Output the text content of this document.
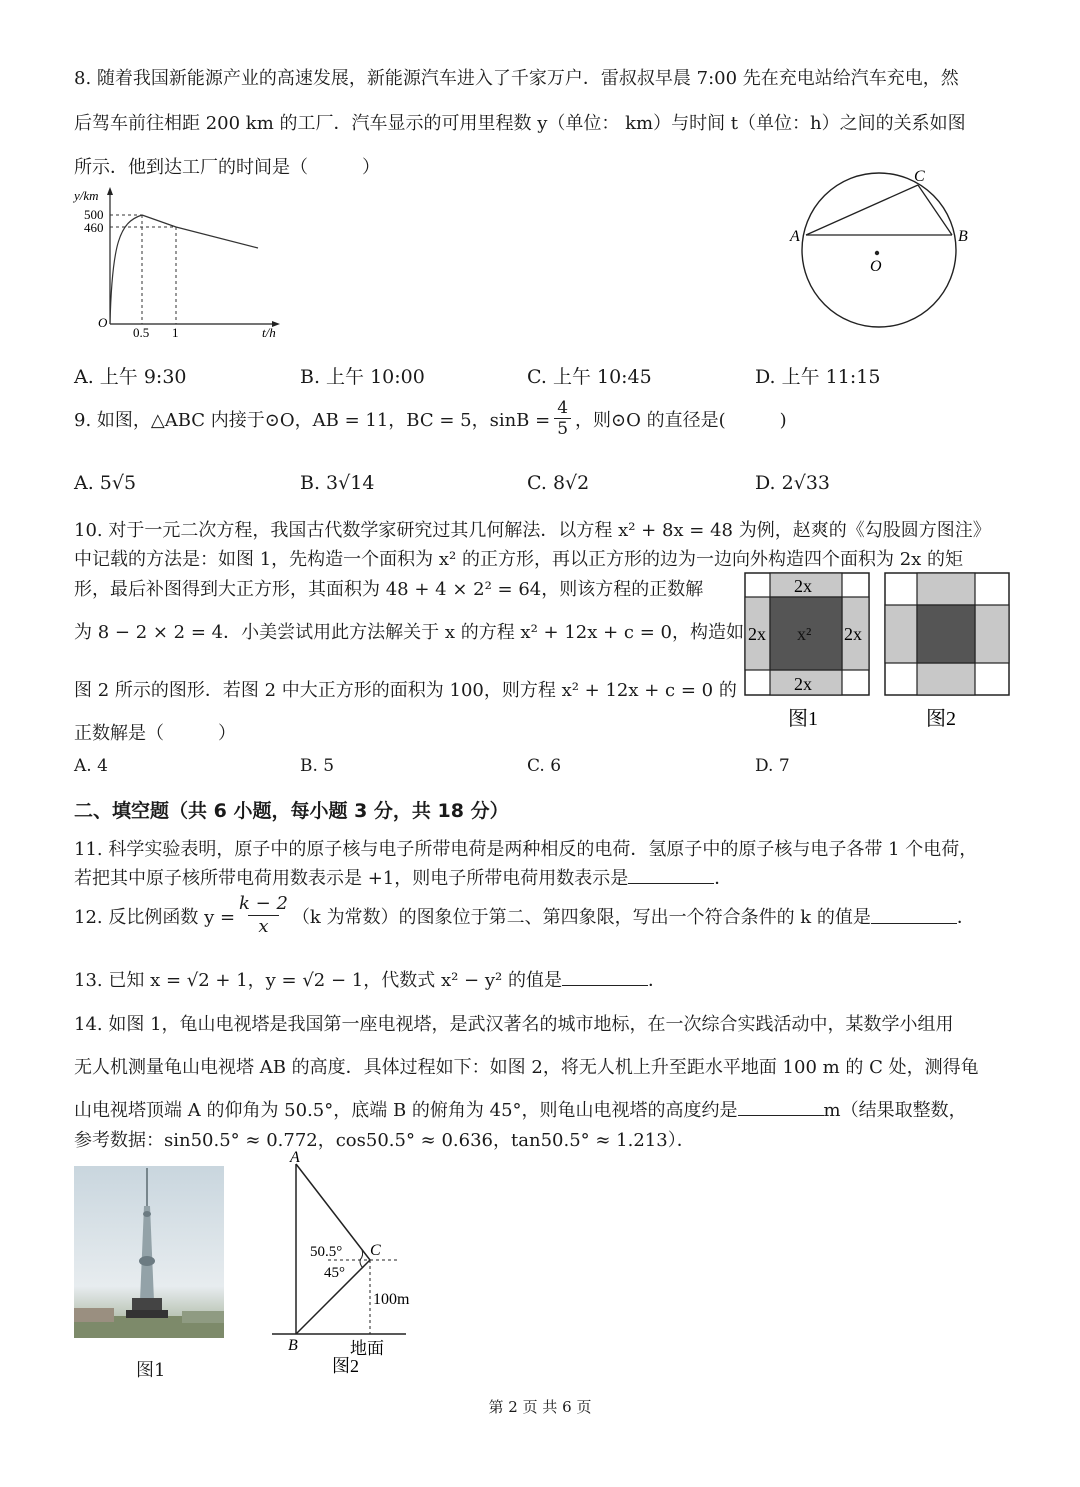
8. 随着我国新能源产业的高速发展，新能源汽车进入了千家万户．雷叔叔早晨 7:00 先在充电站给汽车充电，然
后驾车前往相距 200 km 的工厂．汽车显示的可用里程数 y（单位： km）与时间 t（单位：h）之间的关系如图
所示．他到达工厂的时间是（　　　）
y/km
500
460
O
0.5 1	t/h
A	B
C
O
A. 上午 9:30	B. 上午 10:00	C. 上午 10:45	D. 上午 11:15
9. 如图，△ABC 内接于⊙O，AB = 11，BC = 5，$\sin B = \frac{4}{5}$ ，则⊙O 的直径是(　　　)
A. 5√5	B. 3√14	C. 8√2	D. 2√33
10. 对于一元二次方程，我国古代数学家研究过其几何解法．以方程 x² + 8x = 48 为例，赵爽的《勾股圆方图注》
中记载的方法是：如图 1，先构造一个面积为 x² 的正方形，再以正方形的边为一边向外构造四个面积为 2x 的矩
形，最后补图得到大正方形，其面积为 48 + 4 × 2² = 64，则该方程的正数解
为 8 − 2 × 2 = 4．小美尝试用此方法解关于 x 的方程 x² + 12x + c = 0，构造如
图 2 所示的图形．若图 2 中大正方形的面积为 100，则方程 x² + 12x + c = 0 的
正数解是（　　　）
2x
2x x² 2x
2x
图1	图2
A. 4	B. 5	C. 6	D. 7
二、填空题（共 6 小题，每小题 3 分，共 18 分）
11. 科学实验表明，原子中的原子核与电子所带电荷是两种相反的电荷．氢原子中的原子核与电子各带 1 个电荷，
若把其中原子核所带电荷用数表示是 +1，则电子所带电荷用数表示是	．
12. 反比例函数 $y = \frac{k - 2}{x} (k$ 为常数）的图象位于第二、第四象限，写出一个符合条件的 k 的值是	．
13. 已知 x = √2 + 1，y = √2 − 1，代数式 x² − y² 的值是	．
14. 如图 1，龟山电视塔是我国第一座电视塔，是武汉著名的城市地标，在一次综合实践活动中，某数学小组用
无人机测量龟山电视塔 AB 的高度．具体过程如下：如图 2，将无人机上升至距水平地面 100 m 的 C 处，测得龟
山电视塔顶端 A 的仰角为 50.5°，底端 B 的俯角为 45°，则龟山电视塔的高度约是	m（结果取整数，
参考数据：sin50.5° ≈ 0.772，cos50.5° ≈ 0.636，tan50.5° ≈ 1.213）．
图1
A
B
C
50.5°
45°
100m
地面
图2
第 2 页 共 6 页
